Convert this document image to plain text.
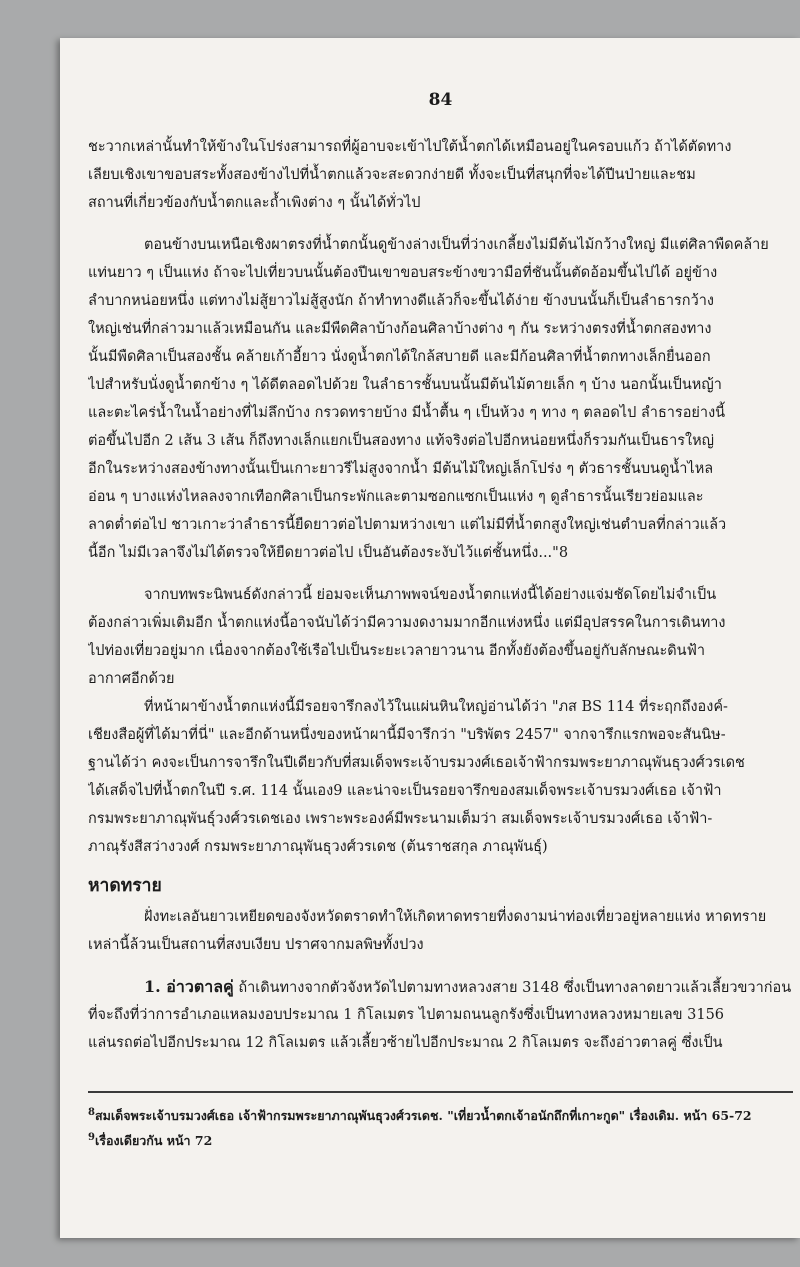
84
ชะวากเหล่านั้นทำให้ข้างในโปร่งสามารถที่ผู้อาบจะเข้าไปใต้น้ำตกได้เหมือนอยู่ในครอบแก้ว ถ้าได้ตัดทาง
เลียบเชิงเขาขอบสระทั้งสองข้างไปที่น้ำตกแล้วจะสะดวกง่ายดี ทั้งจะเป็นที่สนุกที่จะได้ปีนป่ายและชม
สถานที่เกี่ยวข้องกับน้ำตกและถ้ำเพิงต่าง ๆ นั้นได้ทั่วไป
ตอนข้างบนเหนือเชิงผาตรงที่น้ำตกนั้นดูข้างล่างเป็นที่ว่างเกลี้ยงไม่มีต้นไม้กว้างใหญ่ มีแต่ศิลาพืดคล้าย
แท่นยาว ๆ เป็นแห่ง ถ้าจะไปเที่ยวบนนั้นต้องปีนเขาขอบสระข้างขวามือที่ชันนั้นตัดอ้อมขึ้นไปได้ อยู่ข้าง
ลำบากหน่อยหนึ่ง แต่ทางไม่สู้ยาวไม่สู้สูงนัก ถ้าทำทางดีแล้วก็จะขึ้นได้ง่าย ข้างบนนั้นก็เป็นลำธารกว้าง
ใหญ่เช่นที่กล่าวมาแล้วเหมือนกัน และมีพืดศิลาบ้างก้อนศิลาบ้างต่าง ๆ กัน ระหว่างตรงที่น้ำตกสองทาง
นั้นมีพืดศิลาเป็นสองชั้น คล้ายเก้าอี้ยาว นั่งดูน้ำตกได้ใกล้สบายดี และมีก้อนศิลาที่น้ำตกทางเล็กยื่นออก
ไปสำหรับนั่งดูน้ำตกข้าง ๆ ได้ดีตลอดไปด้วย ในลำธารชั้นบนนั้นมีต้นไม้ตายเล็ก ๆ บ้าง นอกนั้นเป็นหญ้า
และตะไคร่น้ำในน้ำอย่างที่ไม่ลึกบ้าง กรวดทรายบ้าง มีน้ำตื้น ๆ เป็นห้วง ๆ ทาง ๆ ตลอดไป ลำธารอย่างนี้
ต่อขึ้นไปอีก 2 เส้น 3 เส้น ก็ถึงทางเล็กแยกเป็นสองทาง แท้จริงต่อไปอีกหน่อยหนึ่งก็รวมกันเป็นธารใหญ่
อีกในระหว่างสองข้างทางนั้นเป็นเกาะยาวรีไม่สูงจากน้ำ มีต้นไม้ใหญ่เล็กโปร่ง ๆ ตัวธารชั้นบนดูน้ำไหล
อ่อน ๆ บางแห่งไหลลงจากเทือกศิลาเป็นกระพักและตามซอกแซกเป็นแห่ง ๆ ดูลำธารนั้นเรียวย่อมและ
ลาดต่ำต่อไป ชาวเกาะว่าลำธารนี้ยืดยาวต่อไปตามหว่างเขา แต่ไม่มีที่น้ำตกสูงใหญ่เช่นตำบลที่กล่าวแล้ว
นี้อีก ไม่มีเวลาจึงไม่ได้ตรวจให้ยืดยาวต่อไป เป็นอันต้องระงับไว้แต่ชั้นหนึ่ง..."8
จากบทพระนิพนธ์ดังกล่าวนี้ ย่อมจะเห็นภาพพจน์ของน้ำตกแห่งนี้ได้อย่างแจ่มชัดโดยไม่จำเป็น
ต้องกล่าวเพิ่มเติมอีก น้ำตกแห่งนี้อาจนับได้ว่ามีความงดงามมากอีกแห่งหนึ่ง แต่มีอุปสรรคในการเดินทาง
ไปท่องเที่ยวอยู่มาก เนื่องจากต้องใช้เรือไปเป็นระยะเวลายาวนาน อีกทั้งยังต้องขึ้นอยู่กับลักษณะดินฟ้า
อากาศอีกด้วย
ที่หน้าผาข้างน้ำตกแห่งนี้มีรอยจารึกลงไว้ในแผ่นหินใหญ่อ่านได้ว่า "ภส BS 114 ที่ระฤกถึงองค์-
เชียงสือผู้ที่ได้มาที่นี่" และอีกด้านหนึ่งของหน้าผานี้มีจารึกว่า "บริพัตร 2457" จากจารึกแรกพอจะสันนิษ-
ฐานได้ว่า คงจะเป็นการจารึกในปีเดียวกับที่สมเด็จพระเจ้าบรมวงศ์เธอเจ้าฟ้ากรมพระยาภาณุพันธุวงศ์วรเดช
ได้เสด็จไปที่น้ำตกในปี ร.ศ. 114 นั้นเอง9 และน่าจะเป็นรอยจารึกของสมเด็จพระเจ้าบรมวงศ์เธอ เจ้าฟ้า
กรมพระยาภาณุพันธุ์วงศ์วรเดชเอง เพราะพระองค์มีพระนามเต็มว่า สมเด็จพระเจ้าบรมวงศ์เธอ เจ้าฟ้า-
ภาณุรังสีสว่างวงศ์ กรมพระยาภาณุพันธุวงศ์วรเดช (ต้นราชสกุล ภาณุพันธุ์)
หาดทราย
ฝั่งทะเลอันยาวเหยียดของจังหวัดตราดทำให้เกิดหาดทรายที่งดงามน่าท่องเที่ยวอยู่หลายแห่ง หาดทราย
เหล่านี้ล้วนเป็นสถานที่สงบเงียบ ปราศจากมลพิษทั้งปวง
1. อ่าวตาลคู่ ถ้าเดินทางจากตัวจังหวัดไปตามทางหลวงสาย 3148 ซึ่งเป็นทางลาดยาวแล้วเลี้ยวขวาก่อน
ที่จะถึงที่ว่าการอำเภอแหลมงอบประมาณ 1 กิโลเมตร ไปตามถนนลูกรังซึ่งเป็นทางหลวงหมายเลข 3156
แล่นรถต่อไปอีกประมาณ 12 กิโลเมตร แล้วเลี้ยวซ้ายไปอีกประมาณ 2 กิโลเมตร จะถึงอ่าวตาลคู่ ซึ่งเป็น
$^8$สมเด็จพระเจ้าบรมวงศ์เธอ เจ้าฟ้ากรมพระยาภาณุพันธุวงศ์วรเดช. "เที่ยวน้ำตกเจ้าอนักถึกที่เกาะกูด" เรื่องเดิม. หน้า 65-72
$^9$เรื่องเดียวกัน หน้า 72
